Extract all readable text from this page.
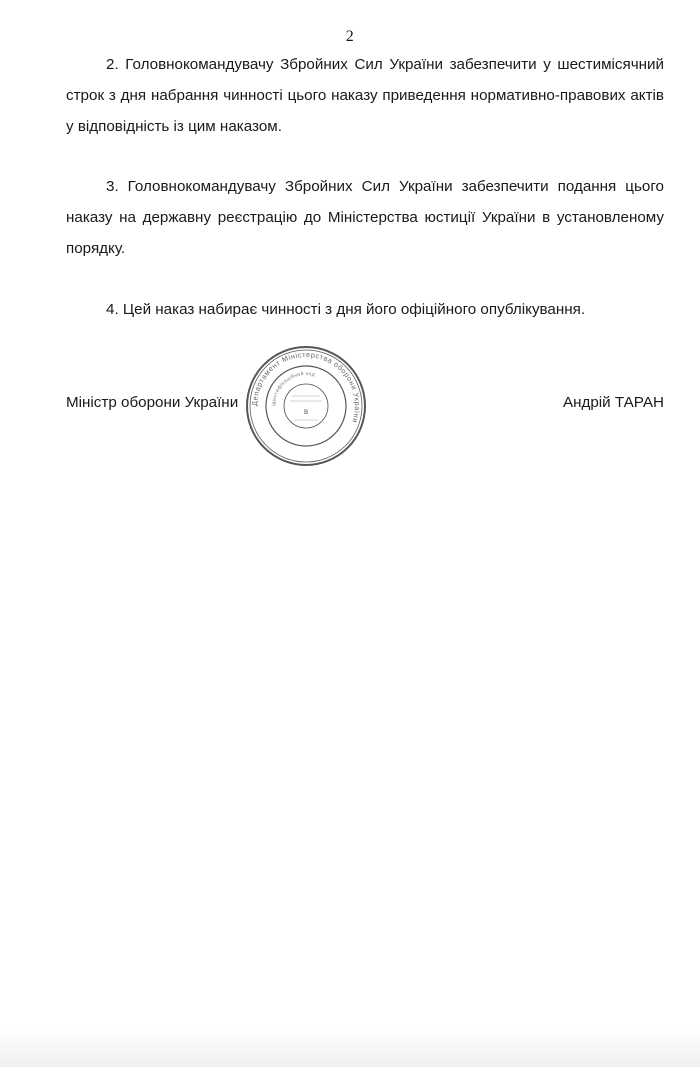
2
2. Головнокомандувачу Збройних Сил України забезпечити у шестимісячний строк з дня набрання чинності цього наказу приведення нормативно-правових актів у відповідність із цим наказом.
3. Головнокомандувачу Збройних Сил України забезпечити подання цього наказу на державну реєстрацію до Міністерства юстиції України в установленому порядку.
4. Цей наказ набирає чинності з дня його офіційного опублікування.
Міністр оборони України	Андрій ТАРАН
Департамент Міністерства оборони України
ідентифікаційний код
в
